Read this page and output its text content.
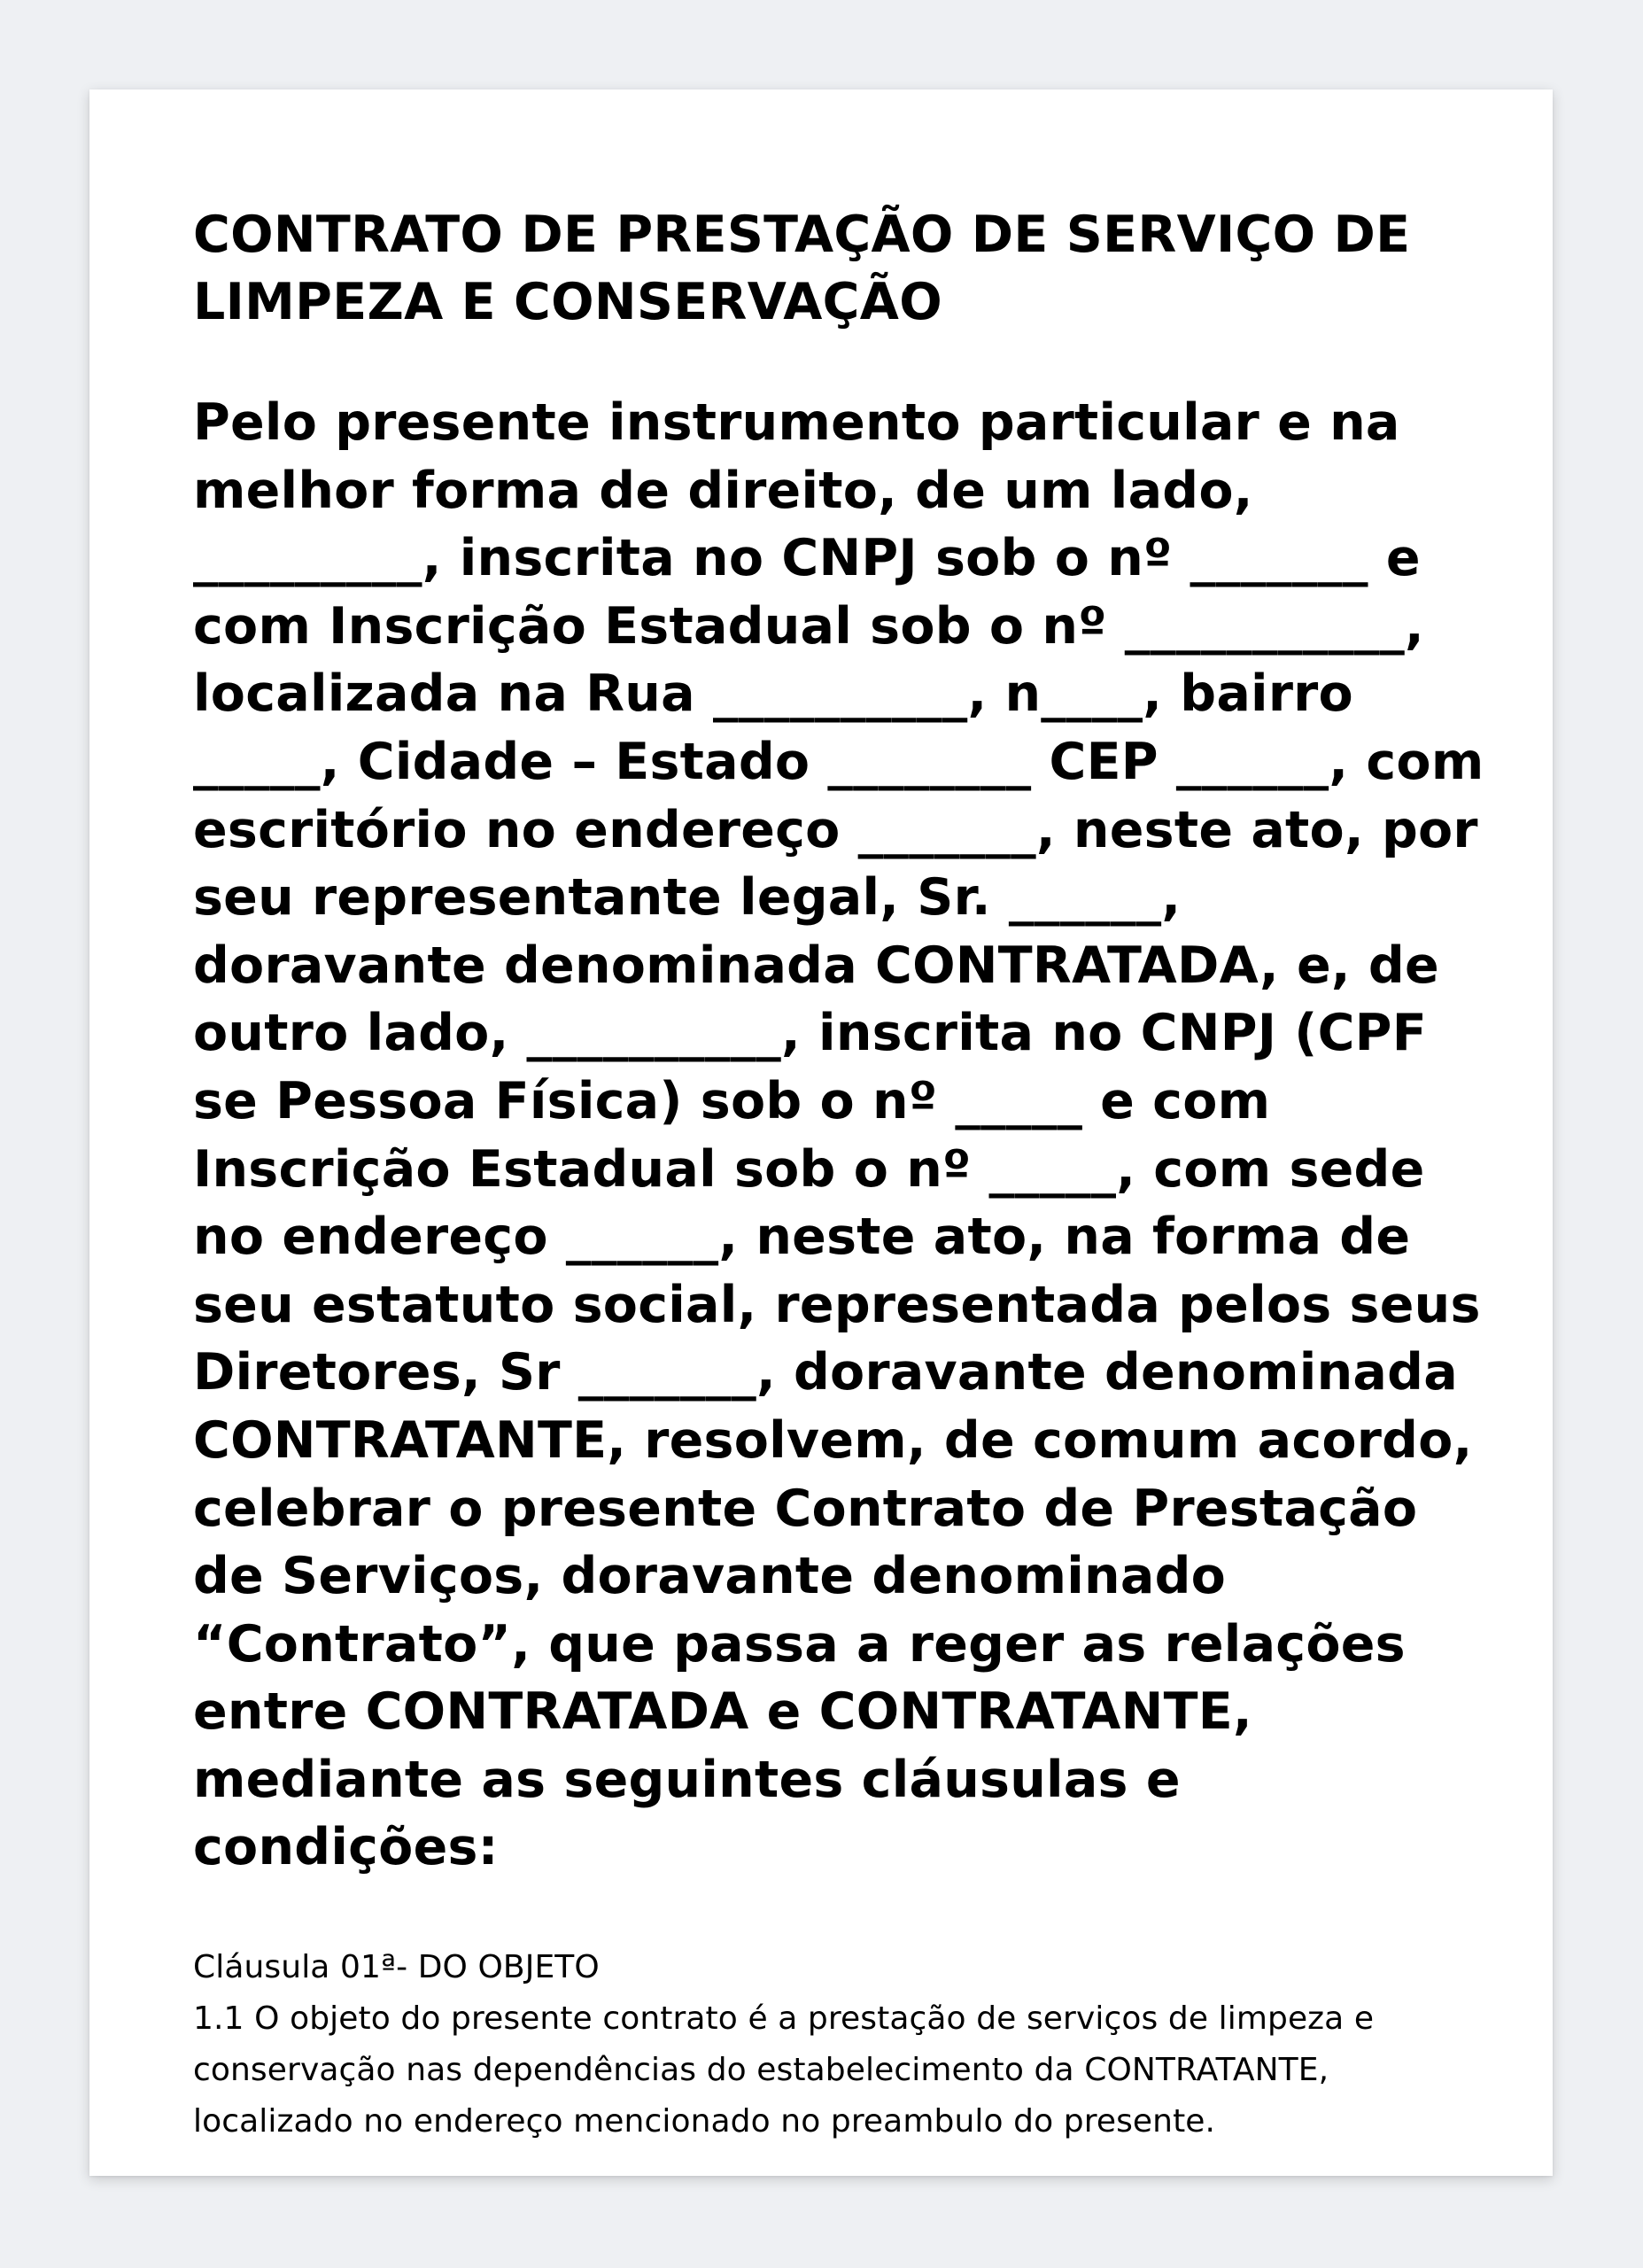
CONTRATO DE PRESTAÇÃO DE SERVIÇO DE LIMPEZA E CONSERVAÇÃO

Pelo presente instrumento particular e na melhor forma de direito, de um lado, _________, inscrita no CNPJ sob o nº _______ e com Inscrição Estadual sob o nº ___________, localizada na Rua __________, n____, bairro _____, Cidade – Estado ________ CEP ______, com escritório no endereço _______, neste ato, por seu representante legal, Sr. ______, doravante denominada CONTRATADA, e, de outro lado, __________, inscrita no CNPJ (CPF se Pessoa Física) sob o nº _____ e com Inscrição Estadual sob o nº _____, com sede no endereço ______, neste ato, na forma de seu estatuto social, representada pelos seus Diretores, Sr _______, doravante denominada CONTRATANTE, resolvem, de comum acordo, celebrar o presente Contrato de Prestação de Serviços, doravante denominado “Contrato”, que passa a reger as relações entre CONTRATADA e CONTRATANTE, mediante as seguintes cláusulas e condições:

Cláusula 01ª- DO OBJETO

1.1 O objeto do presente contrato é a prestação de serviços de limpeza e conservação nas dependências do estabelecimento da CONTRATANTE, localizado no endereço mencionado no preambulo do presente.
